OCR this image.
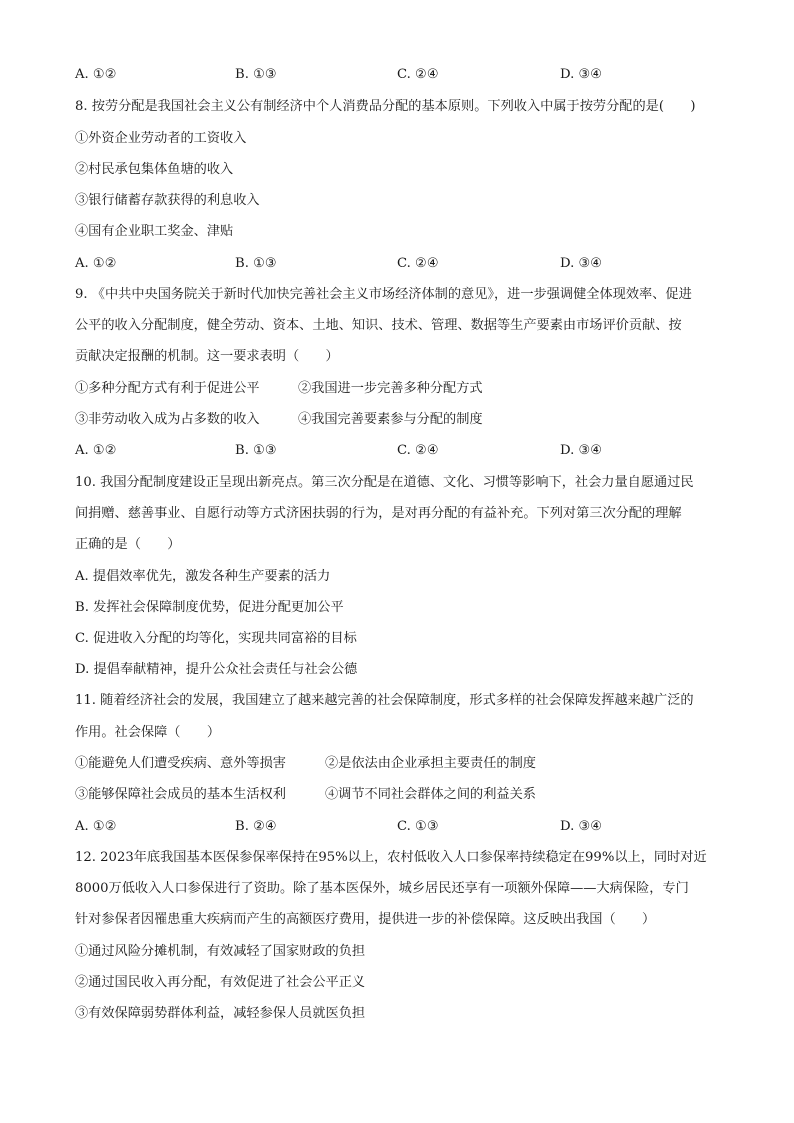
A. ①②	B. ①③	C. ②④	D. ③④
8. 按劳分配是我国社会主义公有制经济中个人消费品分配的基本原则。下列收入中属于按劳分配的是(　　)
①外资企业劳动者的工资收入
②村民承包集体鱼塘的收入
③银行储蓄存款获得的利息收入
④国有企业职工奖金、津贴
A. ①②	B. ①③	C. ②④	D. ③④
9. 《中共中央国务院关于新时代加快完善社会主义市场经济体制的意见》，进一步强调健全体现效率、促进
公平的收入分配制度，健全劳动、资本、土地、知识、技术、管理、数据等生产要素由市场评价贡献、按
贡献决定报酬的机制。这一要求表明（　　）
①多种分配方式有利于促进公平	②我国进一步完善多种分配方式
③非劳动收入成为占多数的收入	④我国完善要素参与分配的制度
A. ①②	B. ①③	C. ②④	D. ③④
10. 我国分配制度建设正呈现出新亮点。第三次分配是在道德、文化、习惯等影响下，社会力量自愿通过民
间捐赠、慈善事业、自愿行动等方式济困扶弱的行为，是对再分配的有益补充。下列对第三次分配的理解
正确的是（　　）
A. 提倡效率优先，激发各种生产要素的活力
B. 发挥社会保障制度优势，促进分配更加公平
C. 促进收入分配的均等化，实现共同富裕的目标
D. 提倡奉献精神，提升公众社会责任与社会公德
11. 随着经济社会的发展，我国建立了越来越完善的社会保障制度，形式多样的社会保障发挥越来越广泛的
作用。社会保障（　　）
①能避免人们遭受疾病、意外等损害	②是依法由企业承担主要责任的制度
③能够保障社会成员的基本生活权利	④调节不同社会群体之间的利益关系
A. ①②	B. ②④	C. ①③	D. ③④
12. 2023年底我国基本医保参保率保持在95%以上，农村低收入人口参保率持续稳定在99%以上，同时对近
8000万低收入人口参保进行了资助。除了基本医保外，城乡居民还享有一项额外保障——大病保险，专门
针对参保者因罹患重大疾病而产生的高额医疗费用，提供进一步的补偿保障。这反映出我国（　　）
①通过风险分摊机制，有效减轻了国家财政的负担
②通过国民收入再分配，有效促进了社会公平正义
③有效保障弱势群体利益，减轻参保人员就医负担
